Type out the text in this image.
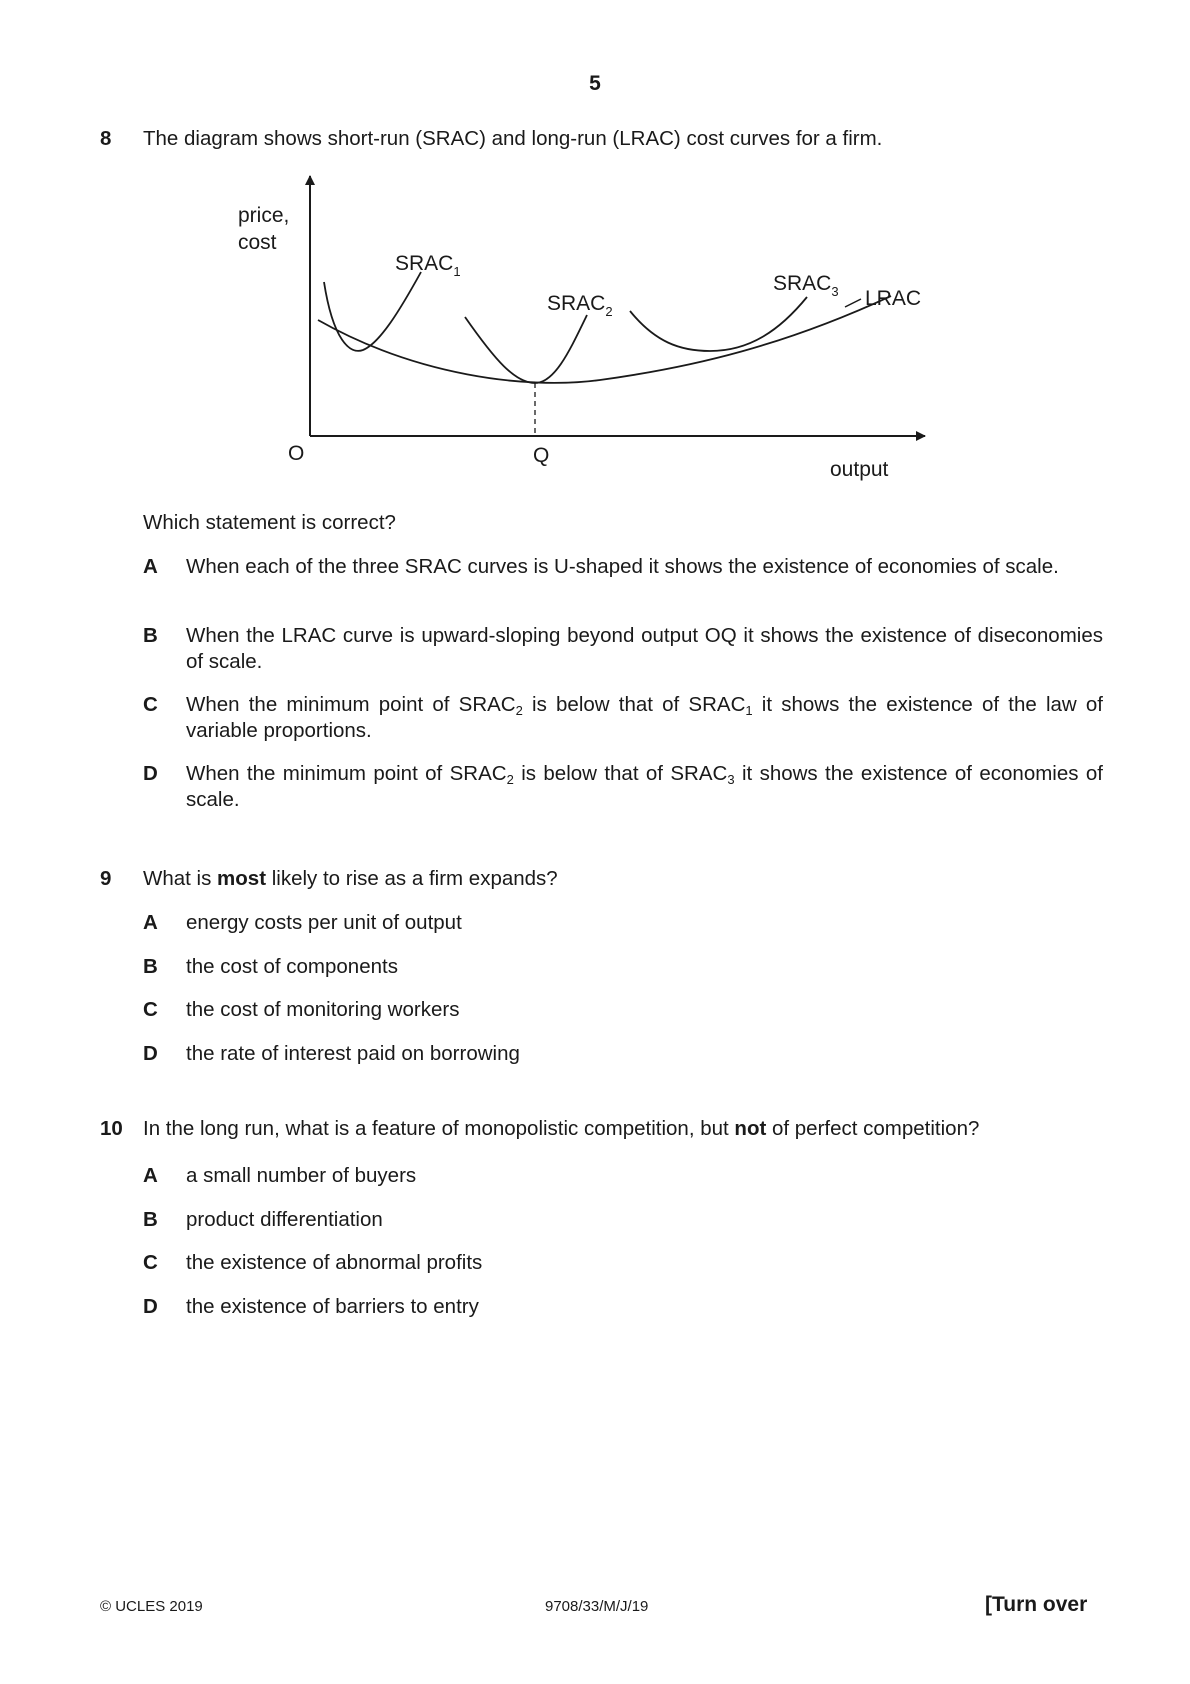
5
8 The diagram shows short-run (SRAC) and long-run (LRAC) cost curves for a firm.
Which statement is correct?
A When each of the three SRAC curves is U-shaped it shows the existence of economies of scale.
B When the LRAC curve is upward-sloping beyond output OQ it shows the existence of diseconomies of scale.
C When the minimum point of $SRAC_2$ is below that of $SRAC_1$ it shows the existence of the law of variable proportions.
D When the minimum point of $SRAC_2$ is below that of $SRAC_3$ it shows the existence of economies of scale.
price,
cost
O	Q
output
$SRAC_1$
$SRAC_2$
$SRAC_3$ LRAC
9 What is most likely to rise as a firm expands?
A energy costs per unit of output
B the cost of components
C the cost of monitoring workers
D the rate of interest paid on borrowing
10 In the long run, what is a feature of monopolistic competition, but not of perfect competition?
A a small number of buyers
B product differentiation
C the existence of abnormal profits
D the existence of barriers to entry
© UCLES 2019	9708/33/M/J/19	[Turn over
